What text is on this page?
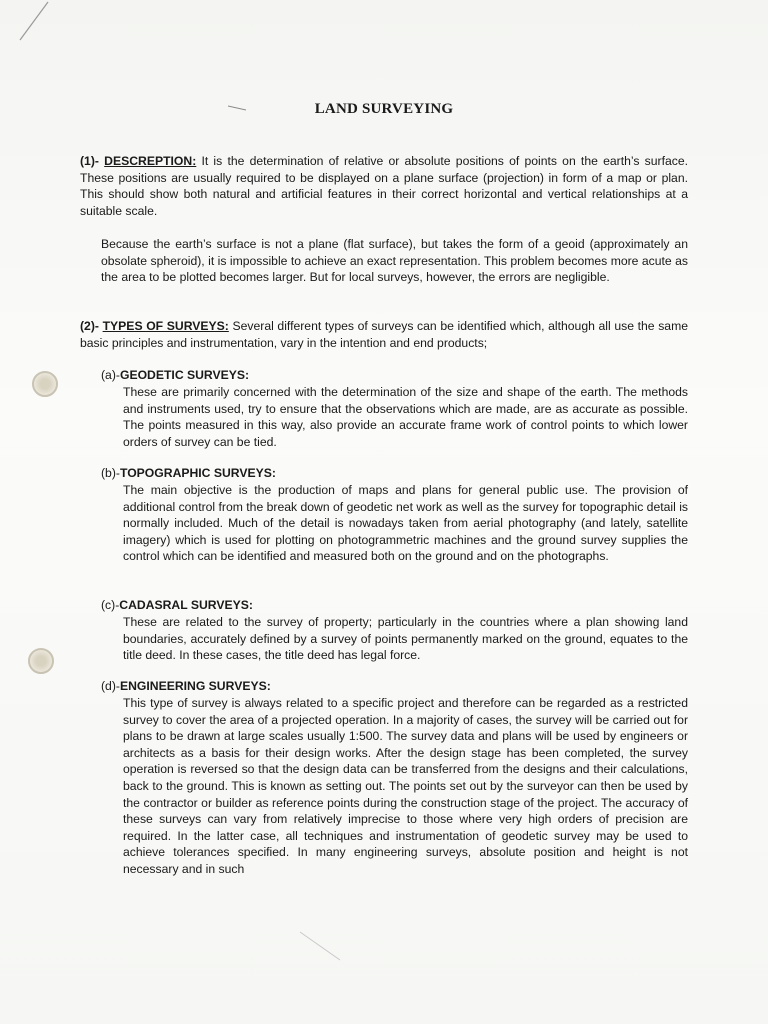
LAND SURVEYING
(1)- DESCREPTION: It is the determination of relative or absolute positions of points on the earth’s surface. These positions are usually required to be displayed on a plane surface (projection) in form of a map or plan. This should show both natural and artificial features in their correct horizontal and vertical relationships at a suitable scale.
Because the earth’s surface is not a plane (flat surface), but takes the form of a geoid (approximately an obsolate spheroid), it is impossible to achieve an exact representation. This problem becomes more acute as the area to be plotted becomes larger. But for local surveys, however, the errors are negligible.
(2)- TYPES OF SURVEYS: Several different types of surveys can be identified which, although all use the same basic principles and instrumentation, vary in the intention and end products;
(a)-GEODETIC SURVEYS:
These are primarily concerned with the determination of the size and shape of the earth. The methods and instruments used, try to ensure that the observations which are made, are as accurate as possible. The points measured in this way, also provide an accurate frame work of control points to which lower orders of survey can be tied.
(b)-TOPOGRAPHIC SURVEYS:
The main objective is the production of maps and plans for general public use. The provision of additional control from the break down of geodetic net work as well as the survey for topographic detail is normally included. Much of the detail is nowadays taken from aerial photography (and lately, satellite imagery) which is used for plotting on photogrammetric machines and the ground survey supplies the control which can be identified and measured both on the ground and on the photographs.
(c)-CADASRAL SURVEYS:
These are related to the survey of property; particularly in the countries where a plan showing land boundaries, accurately defined by a survey of points permanently marked on the ground, equates to the title deed. In these cases, the title deed has legal force.
(d)-ENGINEERING SURVEYS:
This type of survey is always related to a specific project and therefore can be regarded as a restricted survey to cover the area of a projected operation. In a majority of cases, the survey will be carried out for plans to be drawn at large scales usually 1:500. The survey data and plans will be used by engineers or architects as a basis for their design works. After the design stage has been completed, the survey operation is reversed so that the design data can be transferred from the designs and their calculations, back to the ground. This is known as setting out. The points set out by the surveyor can then be used by the contractor or builder as reference points during the construction stage of the project. The accuracy of these surveys can vary from relatively imprecise to those where very high orders of precision are required. In the latter case, all techniques and instrumentation of geodetic survey may be used to achieve tolerances specified. In many engineering surveys, absolute position and height is not necessary and in such
